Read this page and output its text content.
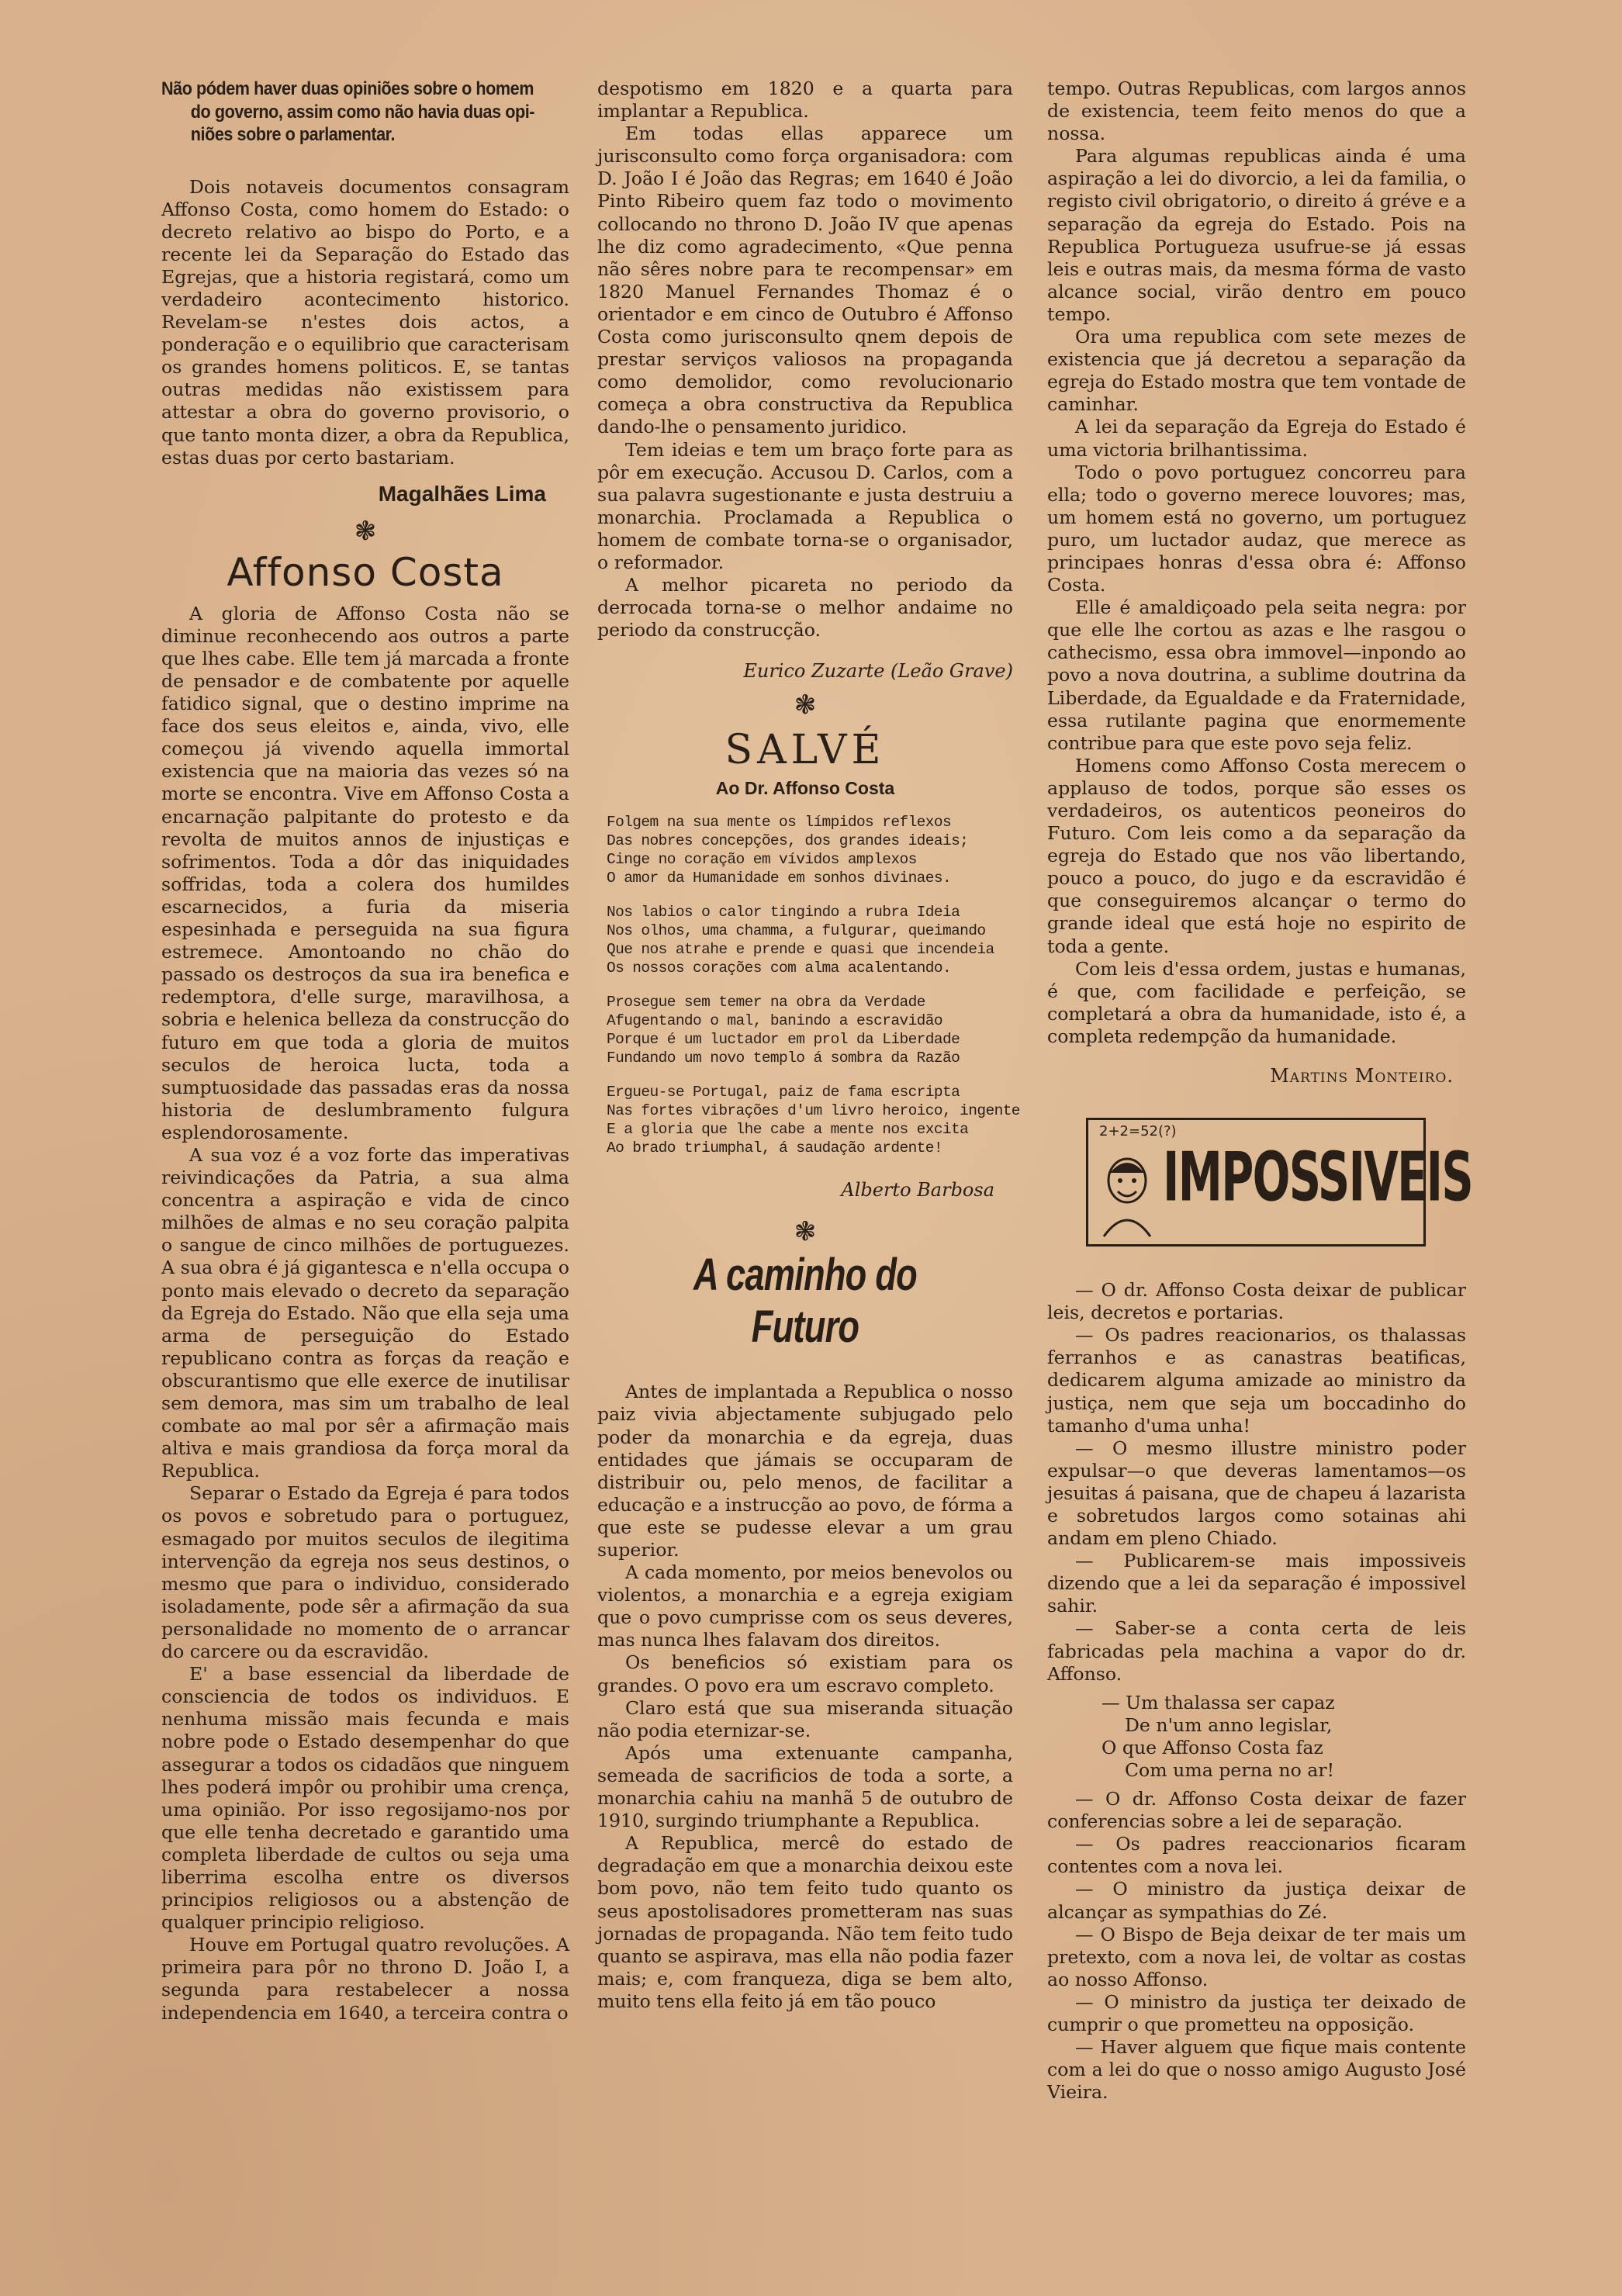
Não pódem haver duas opiniões sobre o homem
do governo, assim como não havia duas opi-
niões sobre o parlamentar.

Dois notaveis documentos consagram Affonso Costa, como homem do Estado: o decreto relativo ao bispo do Porto, e a recente lei da Separação do Estado das Egrejas, que a historia registará, como um verdadeiro acontecimento historico. Revelam-se n'estes dois actos, a ponderação e o equilibrio que caracterisam os grandes homens politicos. E, se tantas outras medidas não existissem para attestar a obra do governo provisorio, o que tanto monta dizer, a obra da Republica, estas duas por certo bastariam.

Magalhães Lima
❃
Affonso Costa

A gloria de Affonso Costa não se diminue reconhecendo aos outros a parte que lhes cabe. Elle tem já marcada a fronte de pensador e de combatente por aquelle fatidico signal, que o destino imprime na face dos seus eleitos e, ainda, vivo, elle começou já vivendo aquella immortal existencia que na maioria das vezes só na morte se encontra. Vive em Affonso Costa a encarnação palpitante do protesto e da revolta de muitos annos de injustiças e sofrimentos. Toda a dôr das iniquidades soffridas, toda a colera dos humildes escarnecidos, a furia da miseria espesinhada e perseguida na sua figura estremece. Amontoando no chão do passado os destroços da sua ira benefica e redemptora, d'elle surge, maravilhosa, a sobria e helenica belleza da construcção do futuro em que toda a gloria de muitos seculos de heroica lucta, toda a sumptuosidade das passadas eras da nossa historia de deslumbramento fulgura esplendorosamente.

A sua voz é a voz forte das imperativas reivindicações da Patria, a sua alma concentra a aspiração e vida de cinco milhões de almas e no seu coração palpita o sangue de cinco milhões de portuguezes. A sua obra é já gigantesca e n'ella occupa o ponto mais elevado o decreto da separação da Egreja do Estado. Não que ella seja uma arma de perseguição do Estado republicano contra as forças da reação e obscurantismo que elle exerce de inutilisar sem demora, mas sim um trabalho de leal combate ao mal por sêr a afirmação mais altiva e mais grandiosa da força moral da Republica.

Separar o Estado da Egreja é para todos os povos e sobretudo para o portuguez, esmagado por muitos seculos de ilegitima intervenção da egreja nos seus destinos, o mesmo que para o individuo, considerado isoladamente, pode sêr a afirmação da sua personalidade no momento de o arrancar do carcere ou da escravidão.

E' a base essencial da liberdade de consciencia de todos os individuos. E nenhuma missão mais fecunda e mais nobre pode o Estado desempenhar do que assegurar a todos os cidadãos que ninguem lhes poderá impôr ou prohibir uma crença, uma opinião. Por isso regosijamo-nos por que elle tenha decretado e garantido uma completa liberdade de cultos ou seja uma liberrima escolha entre os diversos principios religiosos ou a abstenção de qualquer principio religioso.

Houve em Portugal quatro revoluções. A primeira para pôr no throno D. João I, a segunda para restabelecer a nossa independencia em 1640, a terceira contra o

despotismo em 1820 e a quarta para implantar a Republica.

Em todas ellas apparece um jurisconsulto como força organisadora: com D. João I é João das Regras; em 1640 é João Pinto Ribeiro quem faz todo o movimento collocando no throno D. João IV que apenas lhe diz como agradecimento, «Que penna não sêres nobre para te recompensar» em 1820 Manuel Fernandes Thomaz é o orientador e em cinco de Outubro é Affonso Costa como jurisconsulto qnem depois de prestar serviços valiosos na propaganda como demolidor, como revolucionario começa a obra constructiva da Republica dando-lhe o pensamento juridico.

Tem ideias e tem um braço forte para as pôr em execução. Accusou D. Carlos, com a sua palavra sugestionante e justa destruiu a monarchia. Proclamada a Republica o homem de combate torna-se o organisador, o reformador.

A melhor picareta no periodo da derrocada torna-se o melhor andaime no periodo da construcção.

Eurico Zuzarte (Leão Grave)
❃
SALVÉ
Ao Dr. Affonso Costa
Folgem na sua mente os límpidos reflexos
Das nobres concepções, dos grandes ideais;
Cinge no coração em vívidos amplexos
O amor da Humanidade em sonhos divinaes.
Nos labios o calor tingindo a rubra Ideia
Nos olhos, uma chamma, a fulgurar, queimando
Que nos atrahe e prende e quasi que incendeia
Os nossos corações com alma acalentando.
Prosegue sem temer na obra da Verdade
Afugentando o mal, banindo a escravidão
Porque é um luctador em prol da Liberdade
Fundando um novo templo á sombra da Razão
Ergueu-se Portugal, paiz de fama escripta
Nas fortes vibrações d'um livro heroico, ingente
E a gloria que lhe cabe a mente nos excita
Ao brado triumphal, á saudação ardente!
Alberto Barbosa
❃
A caminho do Futuro

Antes de implantada a Republica o nosso paiz vivia abjectamente subjugado pelo poder da monarchia e da egreja, duas entidades que jámais se occuparam de distribuir ou, pelo menos, de facilitar a educação e a instrucção ao povo, de fórma a que este se pudesse elevar a um grau superior.

A cada momento, por meios benevolos ou violentos, a monarchia e a egreja exigiam que o povo cumprisse com os seus deveres, mas nunca lhes falavam dos direitos.

Os beneficios só existiam para os grandes. O povo era um escravo completo.

Claro está que sua miseranda situação não podia eternizar-se.

Após uma extenuante campanha, semeada de sacrificios de toda a sorte, a monarchia cahiu na manhã 5 de outubro de 1910, surgindo triumphante a Republica.

A Republica, mercê do estado de degradação em que a monarchia deixou este bom povo, não tem feito tudo quanto os seus apostolisadores prometteram nas suas jornadas de propaganda. Não tem feito tudo quanto se aspirava, mas ella não podia fazer mais; e, com franqueza, diga se bem alto, muito tens ella feito já em tão pouco

tempo. Outras Republicas, com largos annos de existencia, teem feito menos do que a nossa.

Para algumas republicas ainda é uma aspiração a lei do divorcio, a lei da familia, o registo civil obrigatorio, o direito á gréve e a separação da egreja do Estado. Pois na Republica Portugueza usufrue-se já essas leis e outras mais, da mesma fórma de vasto alcance social, virão dentro em pouco tempo.

Ora uma republica com sete mezes de existencia que já decretou a separação da egreja do Estado mostra que tem vontade de caminhar.

A lei da separação da Egreja do Estado é uma victoria brilhantissima.

Todo o povo portuguez concorreu para ella; todo o governo merece louvores; mas, um homem está no governo, um portuguez puro, um luctador audaz, que merece as principaes honras d'essa obra é: Affonso Costa.

Elle é amaldiçoado pela seita negra: por que elle lhe cortou as azas e lhe rasgou o cathecismo, essa obra immovel—inpondo ao povo a nova doutrina, a sublime doutrina da Liberdade, da Egualdade e da Fraternidade, essa rutilante pagina que enormemente contribue para que este povo seja feliz.

Homens como Affonso Costa merecem o applauso de todos, porque são esses os verdadeiros, os autenticos peoneiros do Futuro. Com leis como a da separação da egreja do Estado que nos vão libertando, pouco a pouco, do jugo e da escravidão é que conseguiremos alcançar o termo do grande ideal que está hoje no espirito de toda a gente.

Com leis d'essa ordem, justas e humanas, é que, com facilidade e perfeição, se completará a obra da humanidade, isto é, a completa redempção da humanidade.

Martins Monteiro.
2+2=52(?)
IMPOSSIVEIS

— O dr. Affonso Costa deixar de publicar leis, decretos e portarias.

— Os padres reacionarios, os thalassas ferranhos e as canastras beatificas, dedicarem alguma amizade ao ministro da justiça, nem que seja um boccadinho do tamanho d'uma unha!

— O mesmo illustre ministro poder expulsar—o que deveras lamentamos—os jesuitas á paisana, que de chapeu á lazarista e sobretudos largos como sotainas ahi andam em pleno Chiado.

— Publicarem-se mais impossiveis dizendo que a lei da separação é impossivel sahir.

— Saber-se a conta certa de leis fabricadas pela machina a vapor do dr. Affonso.

— Um thalassa ser capaz
De n'um anno legislar,
O que Affonso Costa faz
Com uma perna no ar!

— O dr. Affonso Costa deixar de fazer conferencias sobre a lei de separação.

— Os padres reaccionarios ficaram contentes com a nova lei.

— O ministro da justiça deixar de alcançar as sympathias do Zé.

— O Bispo de Beja deixar de ter mais um pretexto, com a nova lei, de voltar as costas ao nosso Affonso.

— O ministro da justiça ter deixado de cumprir o que prometteu na opposição.

— Haver alguem que fique mais contente com a lei do que o nosso amigo Augusto José Vieira.
